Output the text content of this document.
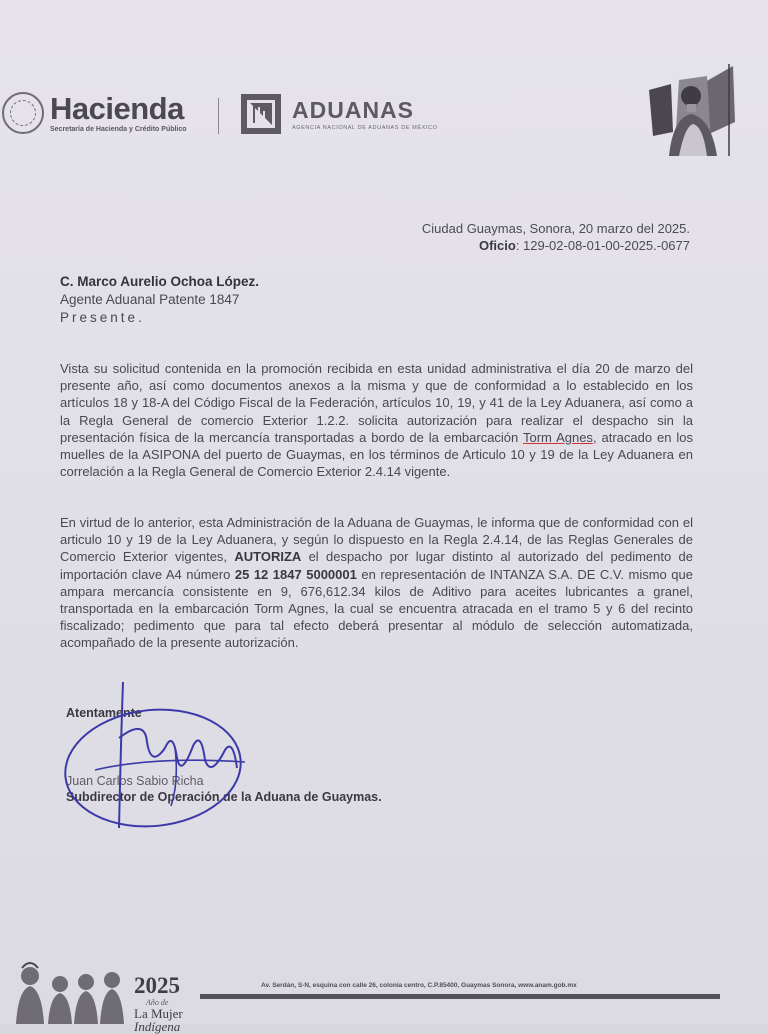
Hacienda
Secretaría de Hacienda y Crédito Público
ADUANAS
AGENCIA NACIONAL DE ADUANAS DE MÉXICO
Ciudad Guaymas, Sonora, 20 marzo del 2025.
Oficio: 129-02-08-01-00-2025.-0677
C. Marco Aurelio Ochoa López.
Agente Aduanal Patente 1847
Presente.
Vista su solicitud contenida en la promoción recibida en esta unidad administrativa el día 20 de marzo del presente año, así como documentos anexos a la misma y que de conformidad a lo establecido en los artículos 18 y 18-A del Código Fiscal de la Federación, artículos 10, 19, y 41 de la Ley Aduanera, así como a la Regla General de comercio Exterior 1.2.2. solicita autorización para realizar el despacho sin la presentación física de la mercancía transportadas a bordo de la embarcación Torm Agnes, atracado en los muelles de la ASIPONA del puerto de Guaymas, en los términos de Articulo 10 y 19 de la Ley Aduanera en correlación a la Regla General de Comercio Exterior 2.4.14 vigente.
En virtud de lo anterior, esta Administración de la Aduana de Guaymas, le informa que de conformidad con el articulo 10 y 19 de la Ley Aduanera, y según lo dispuesto en la Regla 2.4.14, de las Reglas Generales de Comercio Exterior vigentes, AUTORIZA el despacho por lugar distinto al autorizado del pedimento de importación clave A4 número 25 12 1847 5000001 en representación de INTANZA S.A. DE C.V. mismo que ampara mercancía consistente en 9, 676,612.34 kilos de Aditivo para aceites lubricantes a granel, transportada en la embarcación Torm Agnes, la cual se encuentra atracada en el tramo 5 y 6 del recinto fiscalizado; pedimento que para tal efecto deberá presentar al módulo de selección automatizada, acompañado de la presente autorización.
Atentamente
Juan Carlos Sabio Richa
Subdirector de Operación de la Aduana de Guaymas.
2025
Año de
La Mujer
Indígena
Av. Serdán, S-N, esquina con calle 26, colonia centro, C.P.85400, Guaymas Sonora, www.anam.gob.mx
